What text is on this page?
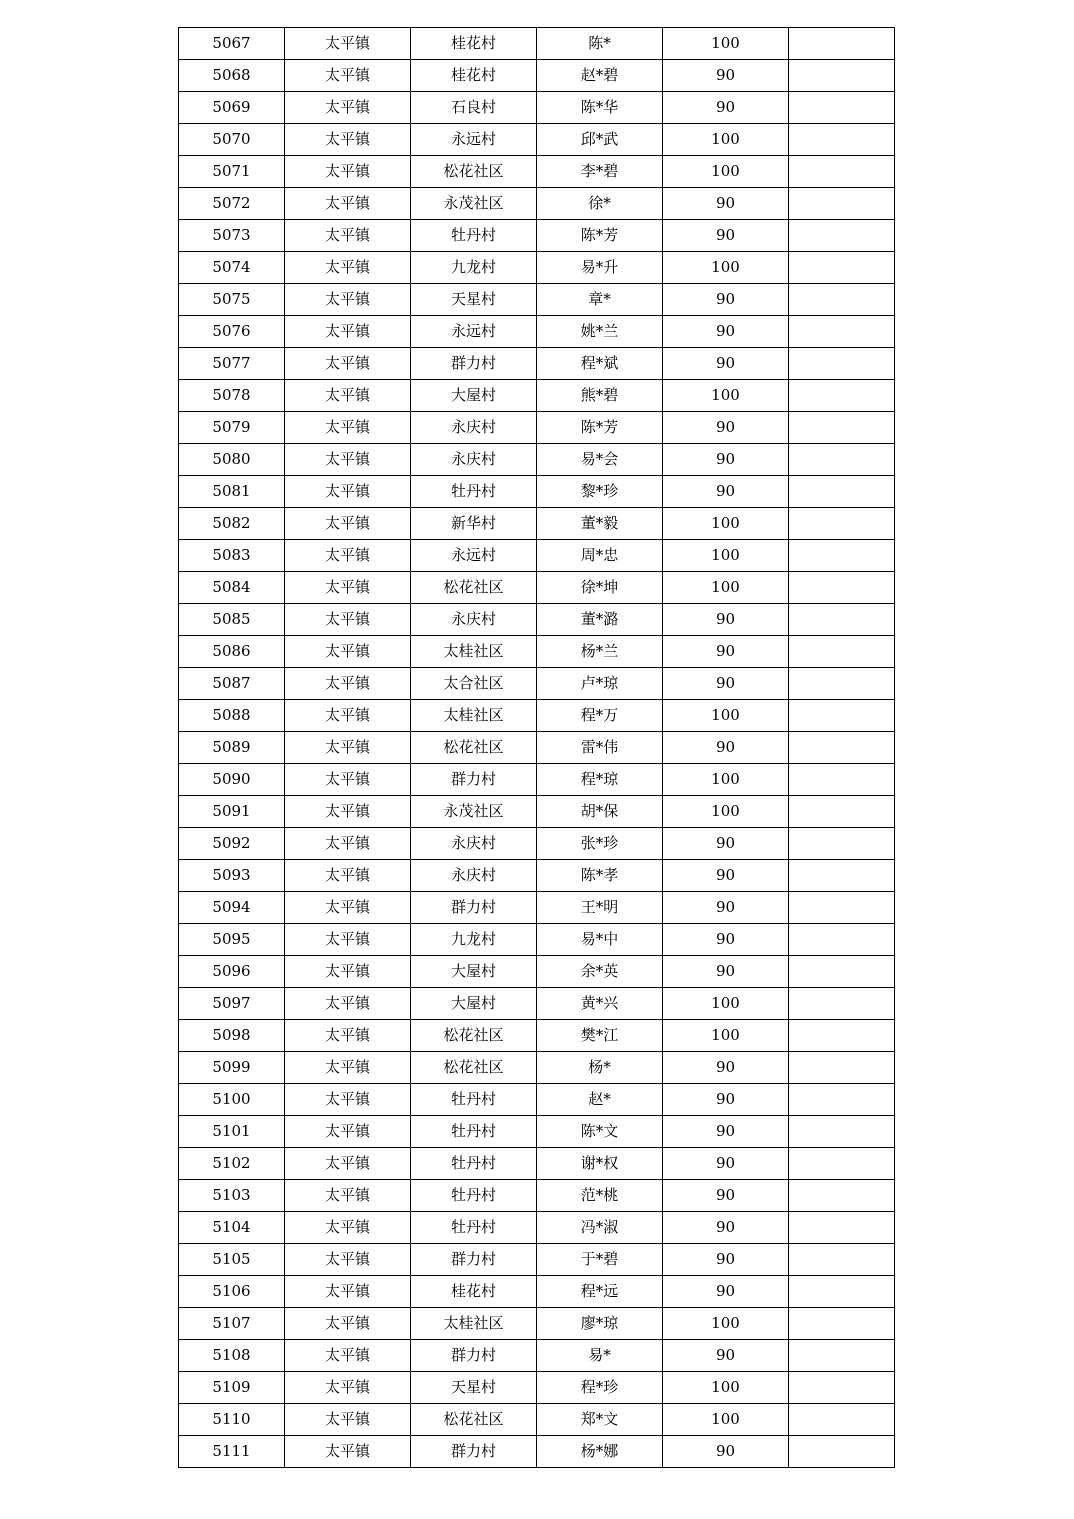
5067	太平镇	桂花村	陈*	100	
5068	太平镇	桂花村	赵*碧	90	
5069	太平镇	石良村	陈*华	90	
5070	太平镇	永远村	邱*武	100	
5071	太平镇	松花社区	李*碧	100	
5072	太平镇	永茂社区	徐*	90	
5073	太平镇	牡丹村	陈*芳	90	
5074	太平镇	九龙村	易*升	100	
5075	太平镇	天星村	章*	90	
5076	太平镇	永远村	姚*兰	90	
5077	太平镇	群力村	程*斌	90	
5078	太平镇	大屋村	熊*碧	100	
5079	太平镇	永庆村	陈*芳	90	
5080	太平镇	永庆村	易*会	90	
5081	太平镇	牡丹村	黎*珍	90	
5082	太平镇	新华村	董*毅	100	
5083	太平镇	永远村	周*忠	100	
5084	太平镇	松花社区	徐*坤	100	
5085	太平镇	永庆村	董*潞	90	
5086	太平镇	太桂社区	杨*兰	90	
5087	太平镇	太合社区	卢*琼	90	
5088	太平镇	太桂社区	程*万	100	
5089	太平镇	松花社区	雷*伟	90	
5090	太平镇	群力村	程*琼	100	
5091	太平镇	永茂社区	胡*保	100	
5092	太平镇	永庆村	张*珍	90	
5093	太平镇	永庆村	陈*孝	90	
5094	太平镇	群力村	王*明	90	
5095	太平镇	九龙村	易*中	90	
5096	太平镇	大屋村	余*英	90	
5097	太平镇	大屋村	黄*兴	100	
5098	太平镇	松花社区	樊*江	100	
5099	太平镇	松花社区	杨*	90	
5100	太平镇	牡丹村	赵*	90	
5101	太平镇	牡丹村	陈*文	90	
5102	太平镇	牡丹村	谢*权	90	
5103	太平镇	牡丹村	范*桃	90	
5104	太平镇	牡丹村	冯*淑	90	
5105	太平镇	群力村	于*碧	90	
5106	太平镇	桂花村	程*远	90	
5107	太平镇	太桂社区	廖*琼	100	
5108	太平镇	群力村	易*	90	
5109	太平镇	天星村	程*珍	100	
5110	太平镇	松花社区	郑*文	100	
5111	太平镇	群力村	杨*娜	90	
